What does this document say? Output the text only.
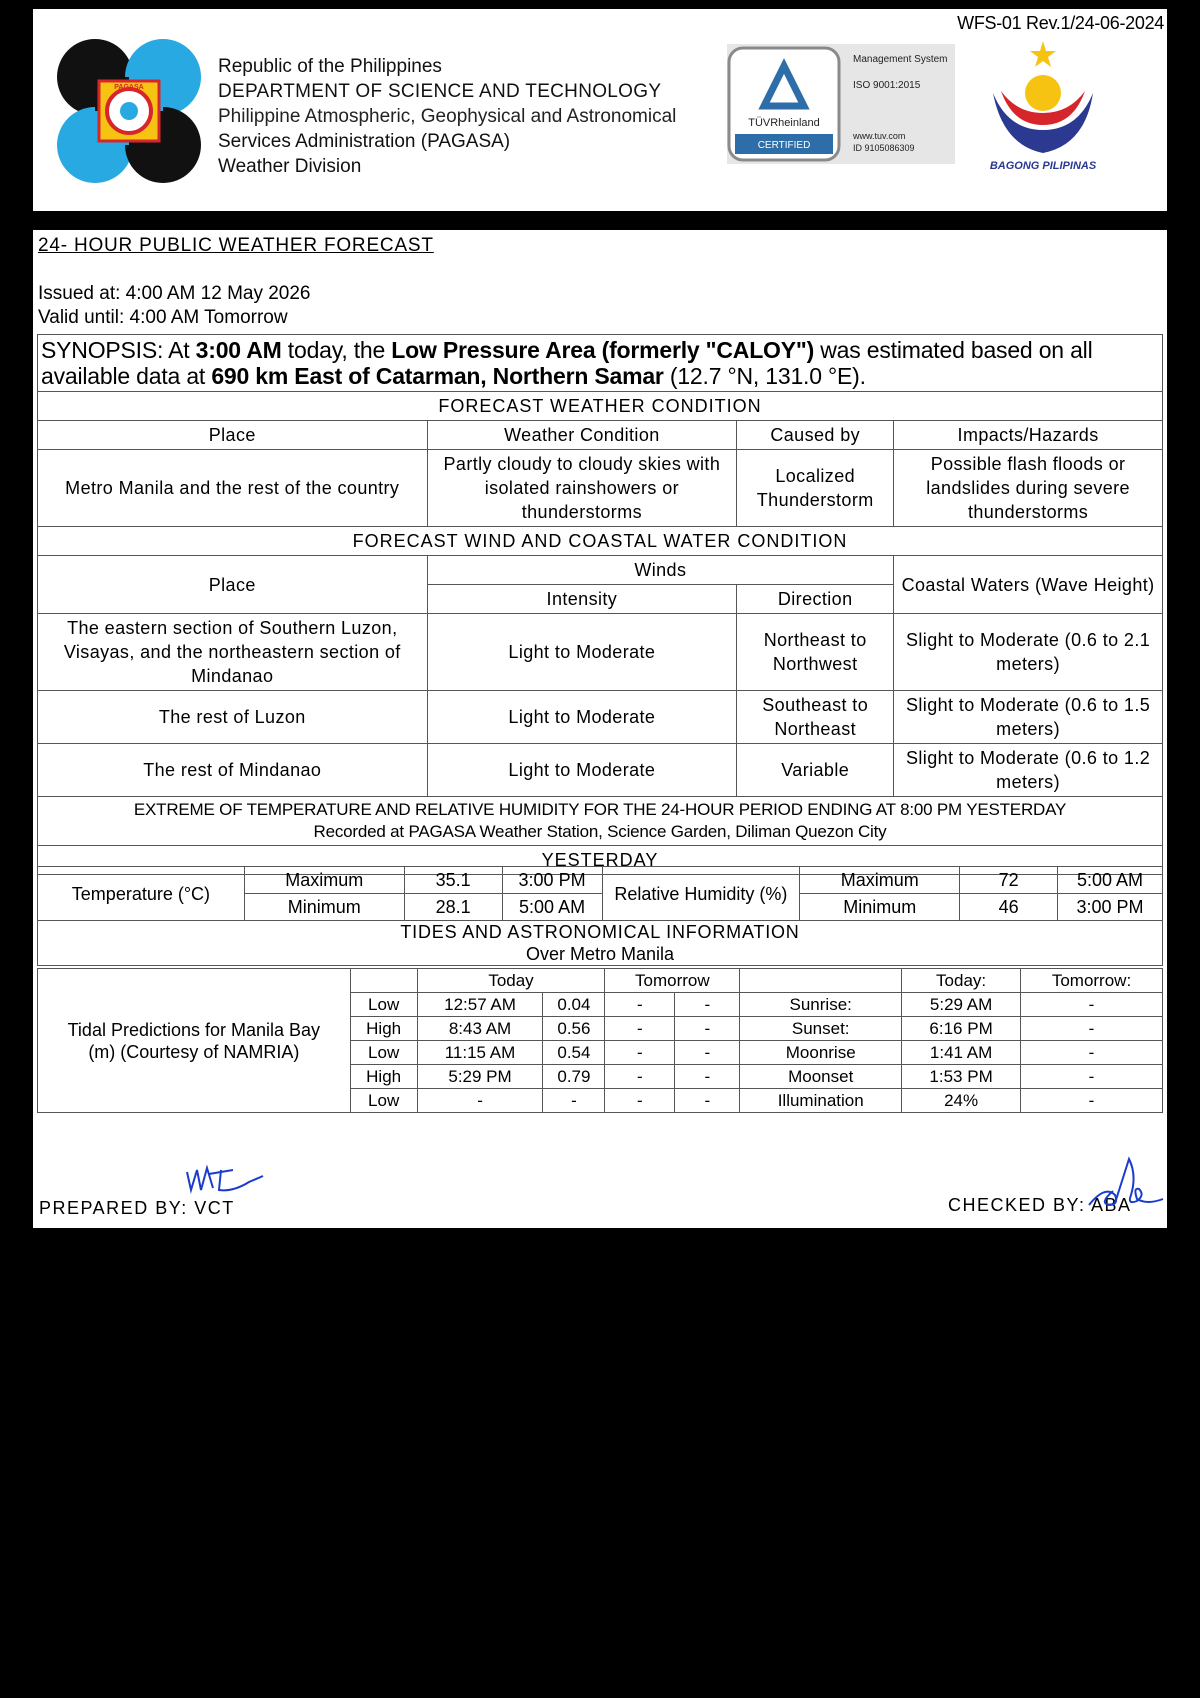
WFS-01 Rev.1/24-06-2024
PAGASA
Republic of the Philippines
DEPARTMENT OF SCIENCE AND TECHNOLOGY
Philippine Atmospheric, Geophysical and Astronomical
Services Administration (PAGASA)
Weather Division
TÜVRheinland
CERTIFIED
Management System
ISO 9001:2015
www.tuv.com
ID 9105086309
BAGONG PILIPINAS
24- HOUR PUBLIC WEATHER FORECAST
Issued at: 4:00 AM 12 May 2026
Valid until: 4:00 AM Tomorrow
SYNOPSIS: At 3:00 AM today, the Low Pressure Area (formerly "CALOY") was estimated based on all available data at 690 km East of Catarman, Northern Samar (12.7 °N, 131.0 °E).			
FORECAST WEATHER CONDITION			
Place	Weather Condition	Caused by	Impacts/Hazards
Metro Manila and the rest of the country	Partly cloudy to cloudy skies with isolated rainshowers or thunderstorms	Localized Thunderstorm	Possible flash floods or landslides during severe thunderstorms
FORECAST WIND AND COASTAL WATER CONDITION			
Place	Winds		Coastal Waters (Wave Height)
	Intensity	Direction	
The eastern section of Southern Luzon, Visayas, and the northeastern section of Mindanao	Light to Moderate	Northeast to Northwest	Slight to Moderate (0.6 to 2.1 meters)
The rest of Luzon	Light to Moderate	Southeast to Northeast	Slight to Moderate (0.6 to 1.5 meters)
The rest of Mindanao	Light to Moderate	Variable	Slight to Moderate (0.6 to 1.2 meters)

EXTREME OF TEMPERATURE AND RELATIVE HUMIDITY FOR THE 24-HOUR PERIOD ENDING AT 8:00 PM YESTERDAY
Recorded at PAGASA Weather Station, Science Garden, Diliman Quezon City			

YESTERDAY			
Temperature (°C)	Maximum	35.1	3:00 PM	Relative Humidity (%)	Maximum	72	5:00 AM
	Minimum	28.1	5:00 AM		Minimum	46	3:00 PM

TIDES AND ASTRONOMICAL INFORMATION
Over Metro Manila							
Tidal Predictions for Manila Bay (m) (Courtesy of NAMRIA)		Today		Tomorrow			Today:	Tomorrow:
	Low	12:57 AM	0.04	-	-	Sunrise:	5:29 AM	-
	High	8:43 AM	0.56	-	-	Sunset:	6:16 PM	-
	Low	11:15 AM	0.54	-	-	Moonrise	1:41 AM	-
	High	5:29 PM	0.79	-	-	Moonset	1:53 PM	-
	Low	-	-	-	-	Illumination	24%	-
PREPARED BY: VCT	CHECKED BY: ABA
